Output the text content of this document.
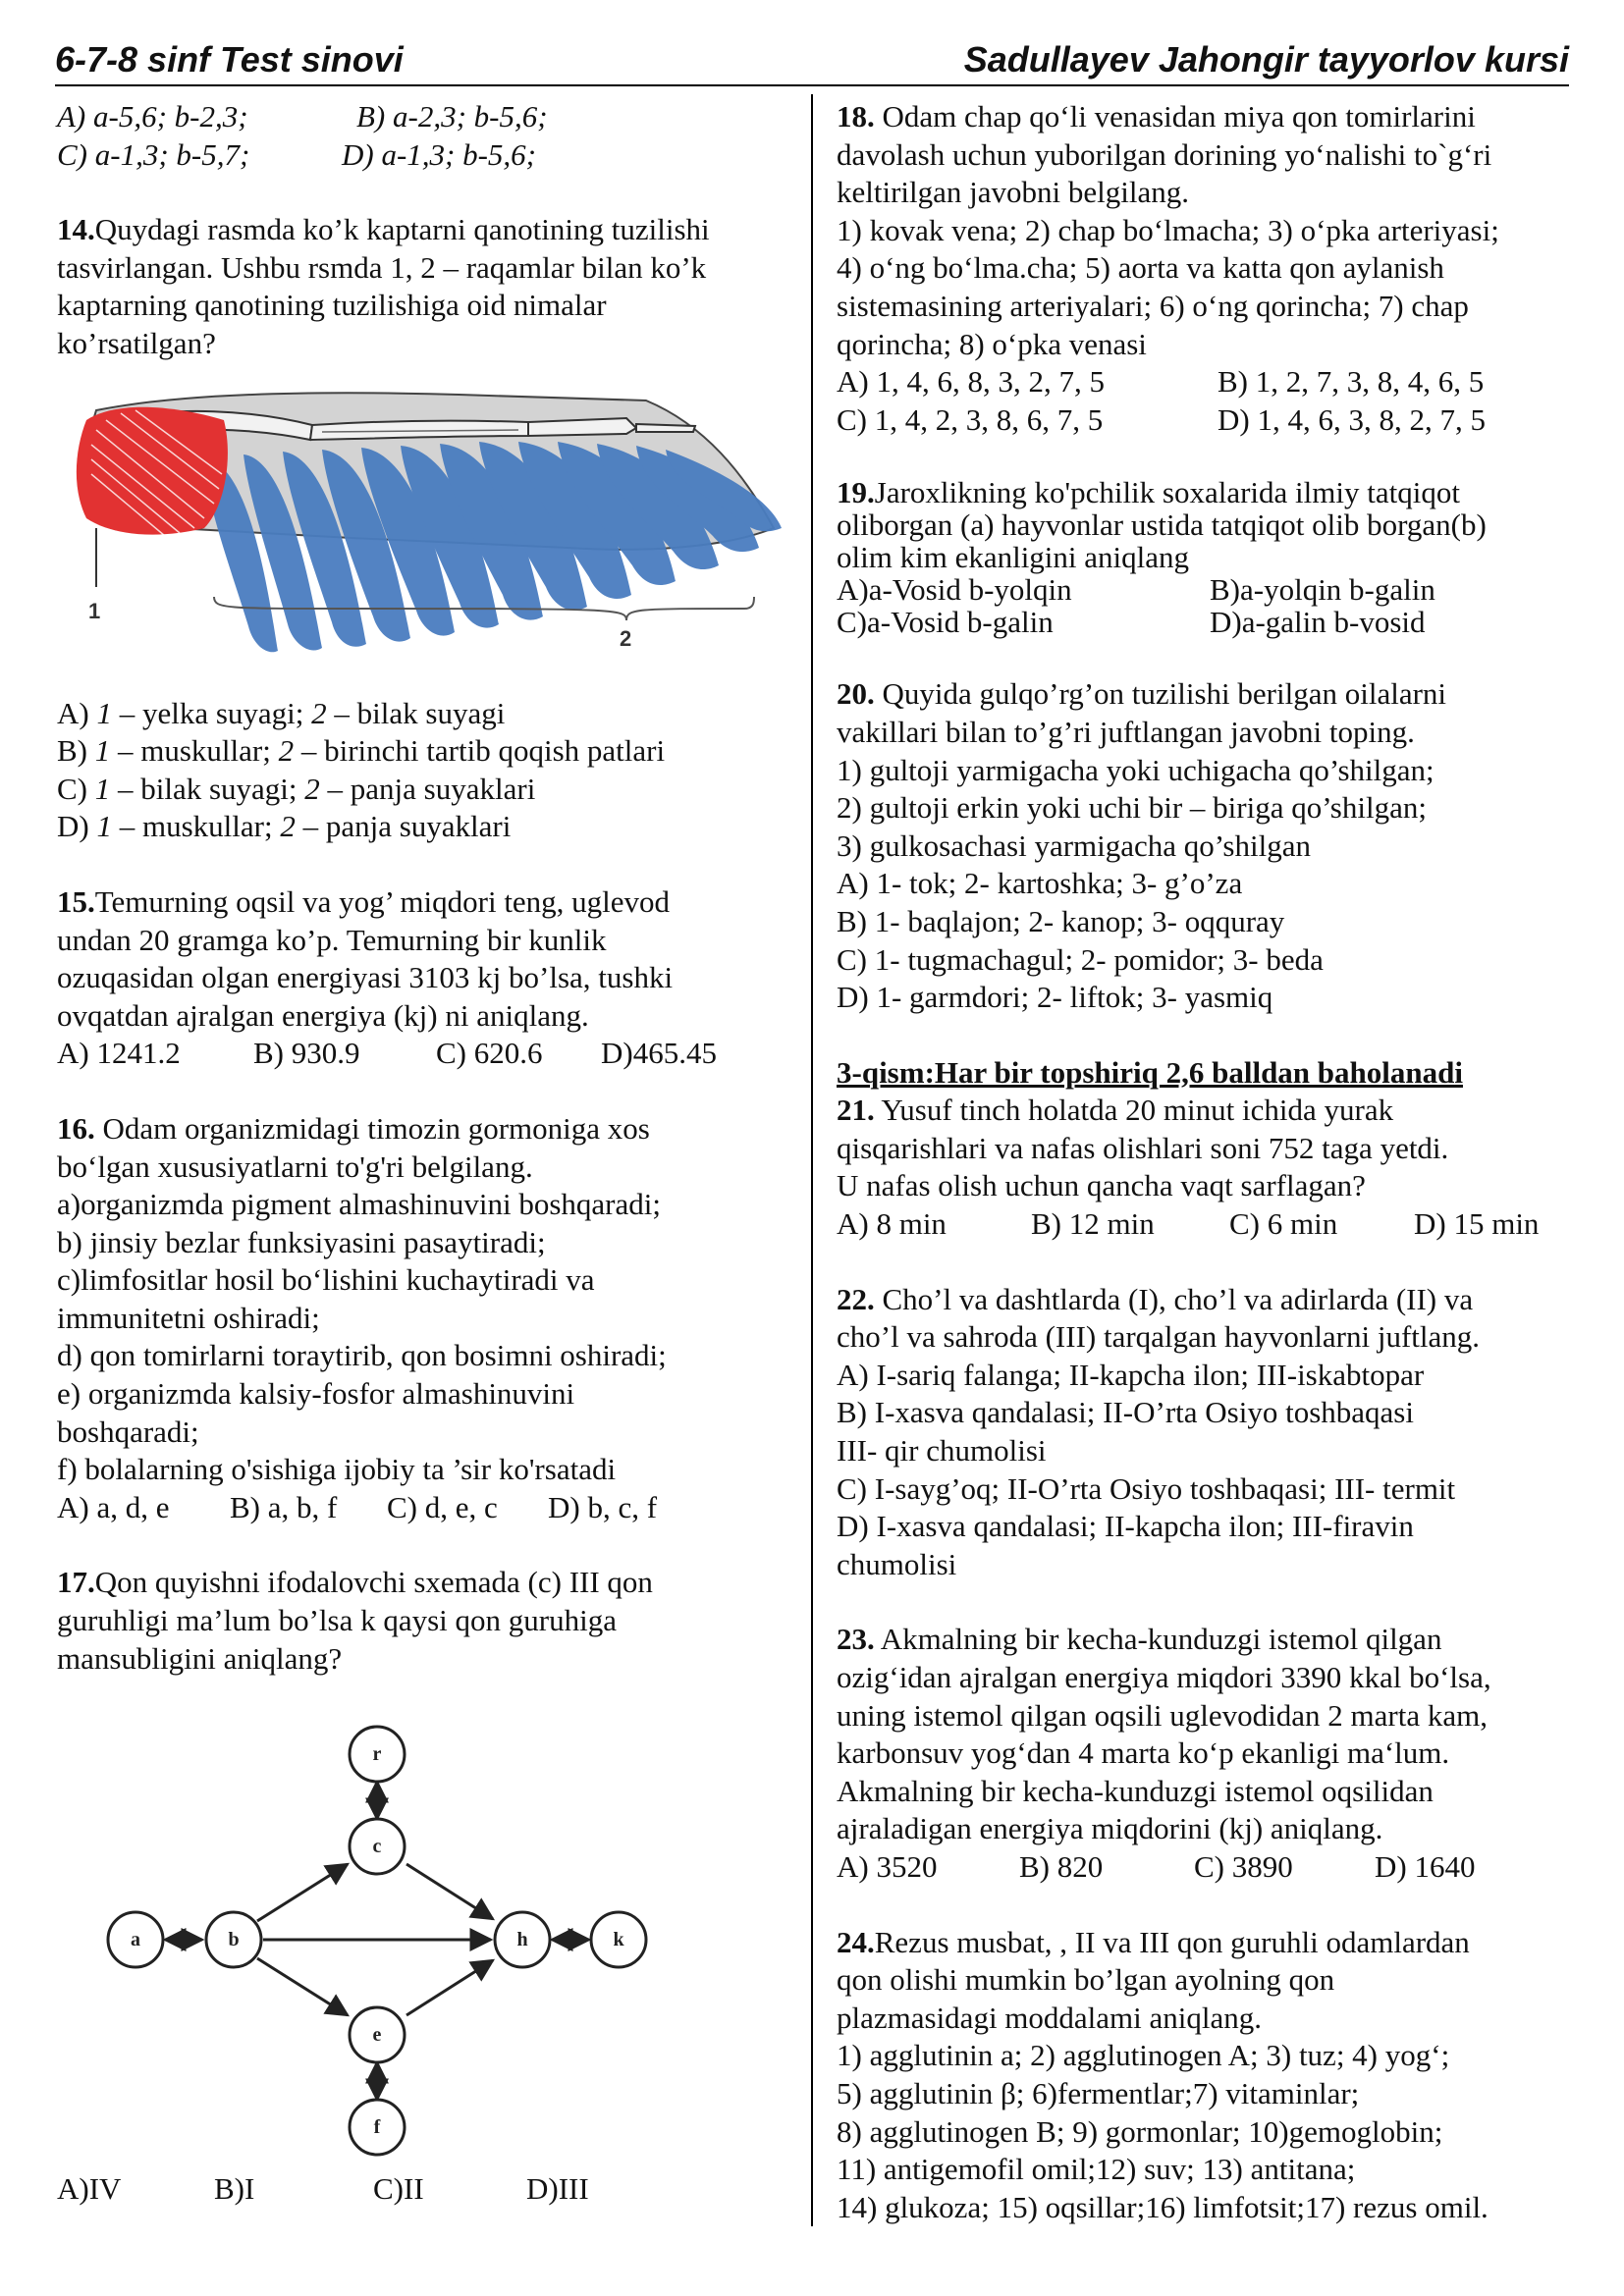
6-7-8 sinf Test sinovi	Sadullayev Jahongir tayyorlov kursi
A) a-5,6; b-2,3;	B) a-2,3; b-5,6;
C) a-1,3; b-5,7;	D) a-1,3; b-5,6;
14.Quydagi rasmda ko’k kaptarni qanotining tuzilishi
tasvirlangan. Ushbu rsmda 1, 2 – raqamlar bilan ko’k
kaptarning qanotining tuzilishiga oid nimalar
ko’rsatilgan?
1
2
A) 1 – yelka suyagi; 2 – bilak suyagi
B) 1 – muskullar; 2 – birinchi tartib qoqish patlari
C) 1 – bilak suyagi; 2 – panja suyaklari
D) 1 – muskullar; 2 – panja suyaklari
15.Temurning oqsil va yog’ miqdori teng, uglevod
undan 20 gramga ko’p. Temurning bir kunlik
ozuqasidan olgan energiyasi 3103 kj bo’lsa, tushki
ovqatdan ajralgan energiya (kj) ni aniqlang.
A) 1241.2	B) 930.9	C) 620.6	D)465.45
16. Odam organizmidagi timozin gormoniga xos
bo‘lgan xususiyatlarni to'g'ri belgilang.
a)organizmda pigment almashinuvini boshqaradi;
b) jinsiy bezlar funksiyasini pasaytiradi;
c)limfositlar hosil bo‘lishini kuchaytiradi va
immunitetni oshiradi;
d) qon tomirlarni toraytirib, qon bosimni oshiradi;
e) organizmda kalsiy-fosfor almashinuvini
boshqaradi;
f) bolalarning o'sishiga ijobiy ta ’sir ko'rsatadi
A) a, d, e	B) a, b, f	C) d, e, c	D) b, c, f
17.Qon quyishni ifodalovchi sxemada (c) III qon
guruhligi ma’lum bo’lsa k qaysi qon guruhiga
mansubligini aniqlang?
r
c
a	b	h	k
e
f
A)IV	B)I	C)II	D)III
18. Odam chap qo‘li venasidan miya qon tomirlarini
davolash uchun yuborilgan dorining yo‘nalishi to`g‘ri
keltirilgan javobni belgilang.
1) kovak vena; 2) chap bo‘lmacha; 3) o‘pka arteriyasi;
4) o‘ng bo‘lma.cha; 5) aorta va katta qon aylanish
sistemasining arteriyalari; 6) o‘ng qorincha; 7) chap
qorincha; 8) o‘pka venasi
A) 1, 4, 6, 8, 3, 2, 7, 5	B) 1, 2, 7, 3, 8, 4, 6, 5
C) 1, 4, 2, 3, 8, 6, 7, 5	D) 1, 4, 6, 3, 8, 2, 7, 5
19.Jaroxlikning ko'pchilik soxalarida ilmiy tatqiqot
oliborgan (a) hayvonlar ustida tatqiqot olib borgan(b)
olim kim ekanligini aniqlang
A)a-Vosid b-yolqin	B)a-yolqin b-galin
C)a-Vosid b-galin	D)a-galin b-vosid
20. Quyida gulqo’rg’on tuzilishi berilgan oilalarni
vakillari bilan to’g’ri juftlangan javobni toping.
1) gultoji yarmigacha yoki uchigacha qo’shilgan;
2) gultoji erkin yoki uchi bir – biriga qo’shilgan;
3) gulkosachasi yarmigacha qo’shilgan
A) 1- tok; 2- kartoshka; 3- g’o’za
B) 1- baqlajon; 2- kanop; 3- oqquray
C) 1- tugmachagul; 2- pomidor; 3- beda
D) 1- garmdori; 2- liftok; 3- yasmiq
3-qism:Har bir topshiriq 2,6 balldan baholanadi
21. Yusuf tinch holatda 20 minut ichida yurak
qisqarishlari va nafas olishlari soni 752 taga yetdi.
U nafas olish uchun qancha vaqt sarflagan?
A) 8 min	B) 12 min	C) 6 min	D) 15 min
22. Cho’l va dashtlarda (I), cho’l va adirlarda (II) va
cho’l va sahroda (III) tarqalgan hayvonlarni juftlang.
A) I-sariq falanga; II-kapcha ilon; III-iskabtopar
B) I-xasva qandalasi; II-O’rta Osiyo toshbaqasi
III- qir chumolisi
C) I-sayg’oq; II-O’rta Osiyo toshbaqasi; III- termit
D) I-xasva qandalasi; II-kapcha ilon; III-firavin
chumolisi
23. Akmalning bir kecha-kunduzgi istemol qilgan
ozig‘idan ajralgan energiya miqdori 3390 kkal bo‘lsa,
uning istemol qilgan oqsili uglevodidan 2 marta kam,
karbonsuv yog‘dan 4 marta ko‘p ekanligi ma‘lum.
Akmalning bir kecha-kunduzgi istemol oqsilidan
ajraladigan energiya miqdorini (kj) aniqlang.
A) 3520	B) 820	C) 3890	D) 1640
24.Rezus musbat, , II va III qon guruhli odamlardan
qon olishi mumkin bo’lgan ayolning qon
plazmasidagi moddalami aniqlang.
1) agglutinin a; 2) agglutinogen A; 3) tuz; 4) yog‘;
5) agglutinin β; 6)fermentlar;7) vitaminlar;
8) agglutinogen B; 9) gormonlar; 10)gemoglobin;
11) antigemofil omil;12) suv; 13) antitana;
14) glukoza; 15) oqsillar;16) limfotsit;17) rezus omil.
